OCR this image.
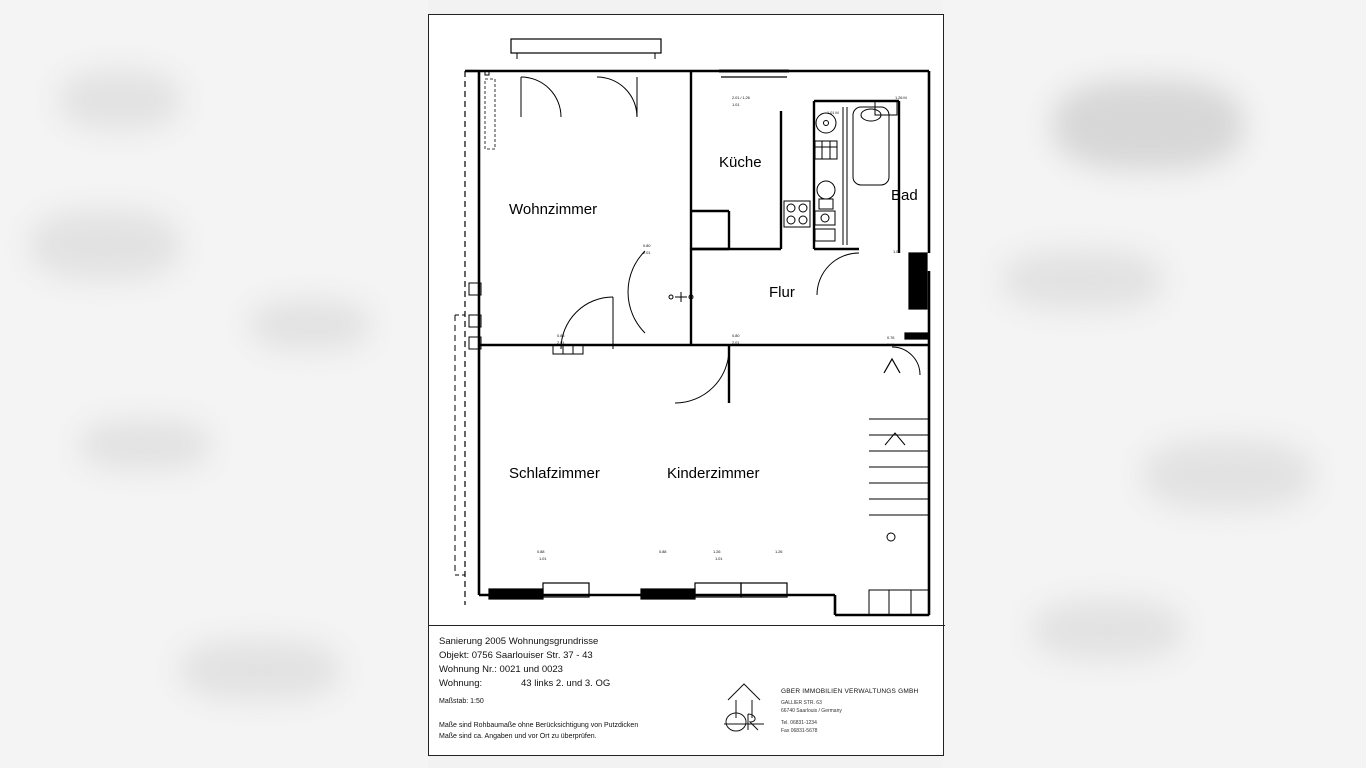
Wohnzimmer
Küche
Bad
Flur
Schlafzimmer	Kinderzimmer
2.01 / 1.26
1.01
1.26 M
1.01 M
0.80
2.01
0.80
2.01
0.88
2.01
0.76
2.01
1.01
0.88
1.01
1.26
1.01
1.26
0.88
Sanierung 2005 Wohnungsgrundrisse
Objekt: 0756 Saarlouiser Str. 37 - 43
Wohnung Nr.: 0021 und 0023
Wohnung:	43 links 2. und 3. OG
Maßstab: 1:50
Maße sind Rohbaumaße ohne Berücksichtigung von Putzdicken
Maße sind ca. Angaben und vor Ort zu überprüfen.
GBER IMMOBILIEN VERWALTUNGS GMBH
GALLIER STR. 63
66740 Saarlouis / Germany
Tel. 06831-1234
Fax 06831-5678
